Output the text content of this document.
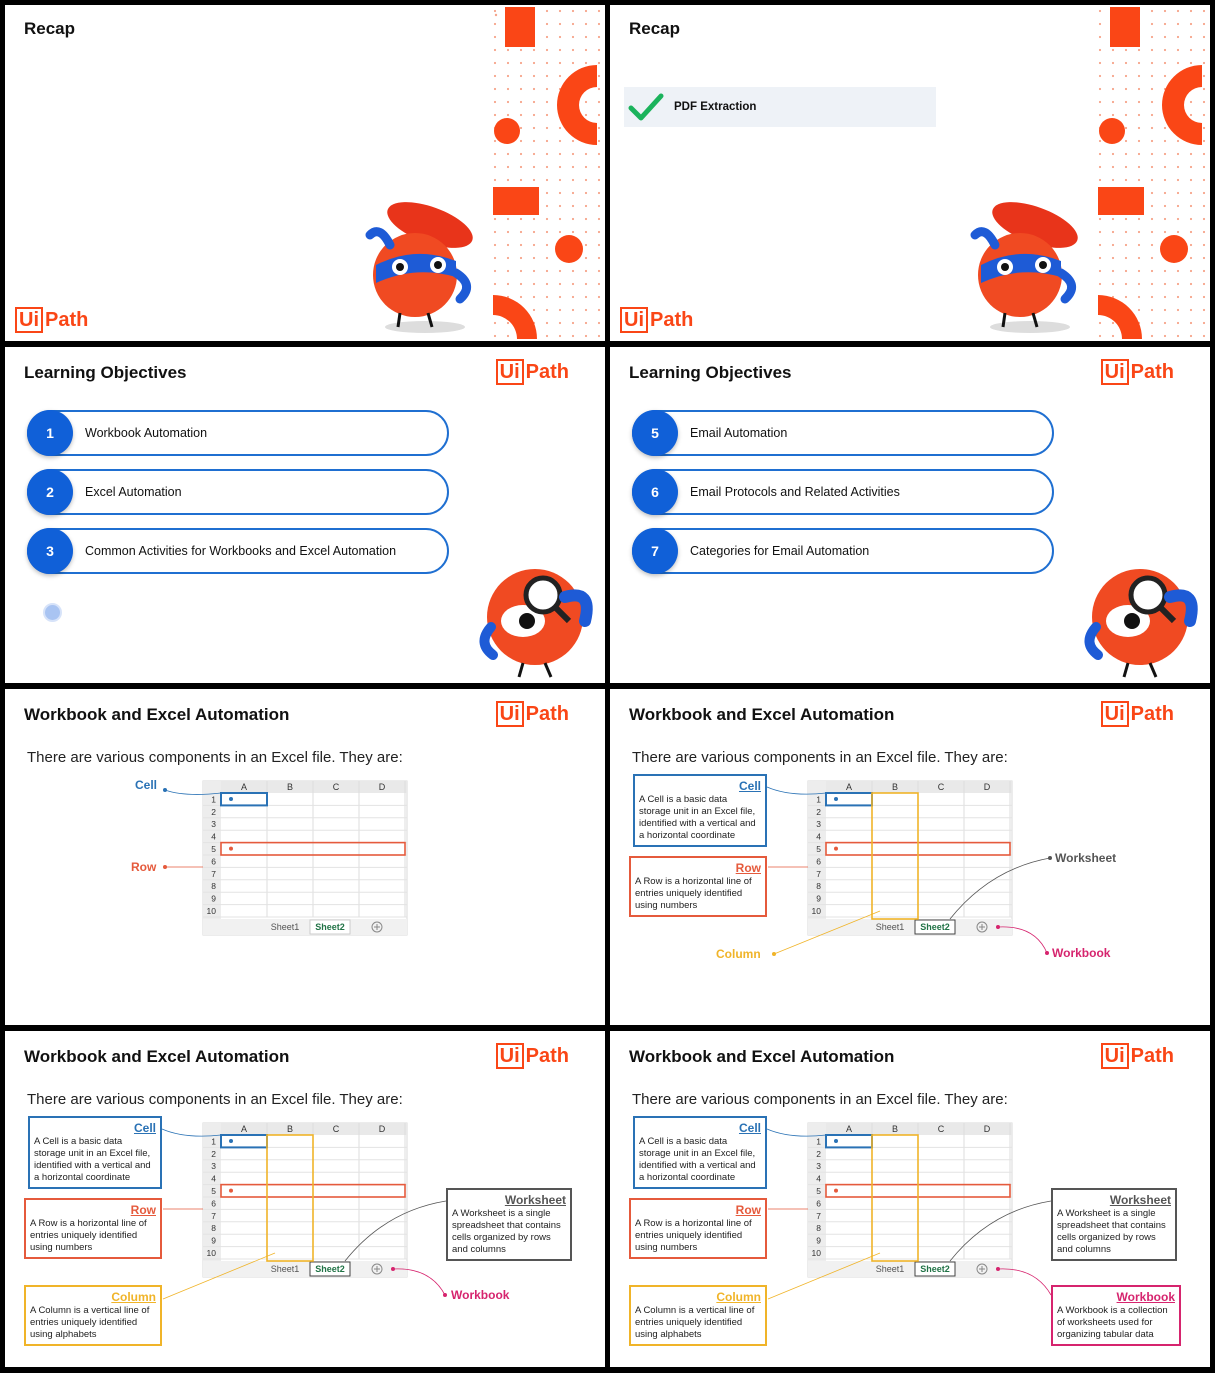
Recap
Ui Path
Recap
PDF Extraction
Ui Path
Learning Objectives	Ui Path
1	Workbook Automation
2	Excel Automation
3	Common Activities for Workbooks and Excel Automation
Learning Objectives	Ui Path
5	Email Automation
6	Email Protocols and Related Activities
7	Categories for Email Automation
Workbook and Excel Automation	Ui Path
There are various components in an Excel file. They are:
A	B	C	D
1
2
3
4
5
6
7
8
9
10
Sheet1 Sheet2
Cell
Row
Workbook and Excel Automation	Ui Path
There are various components in an Excel file. They are:
A	B	C	D
1
2
3
4
5
6
7
8
9
10
Sheet1 Sheet2
Cell
A Cell is a basic data storage unit in an Excel file, identified with a vertical and a horizontal coordinate
Row
A Row is a horizontal line of entries uniquely identified using numbers
Column
Worksheet
Workbook
Workbook and Excel Automation	Ui Path
There are various components in an Excel file. They are:
A	B	C	D
1
2
3
4
5
6
7
8
9
10
Sheet1 Sheet2
Cell
A Cell is a basic data storage unit in an Excel file, identified with a vertical and a horizontal coordinate
Row
A Row is a horizontal line of entries uniquely identified using numbers
Column
A Column is a vertical line of entries uniquely identified using alphabets
Worksheet
A Worksheet is a single spreadsheet that contains cells organized by rows and columns
Workbook
Workbook and Excel Automation	Ui Path
There are various components in an Excel file. They are:
A	B	C	D
1
2
3
4
5
6
7
8
9
10
Sheet1 Sheet2
Cell
A Cell is a basic data storage unit in an Excel file, identified with a vertical and a horizontal coordinate
Row
A Row is a horizontal line of entries uniquely identified using numbers
Column
A Column is a vertical line of entries uniquely identified using alphabets
Worksheet
A Worksheet is a single spreadsheet that contains cells organized by rows and columns
Workbook
A Workbook is a collection of worksheets used for organizing tabular data
